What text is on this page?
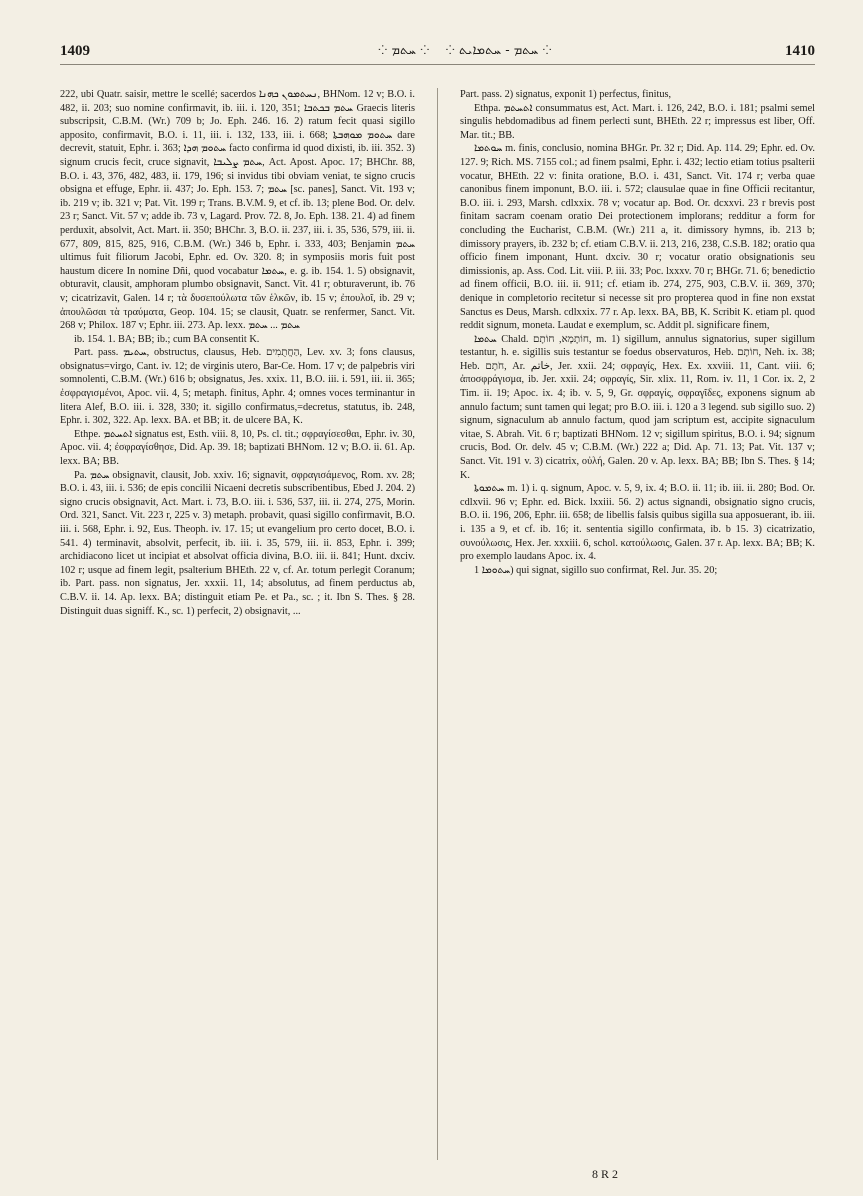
1409	⁘ ܚܬܡ ⁘ ⁘ ܚܬܡ - ܚܬܡܐܝܬ ⁘	1410

222, ubi Quatr. saisir, mettre le scellé; sacerdos ܢܚܬܡܘܢ ܟܗܢܐ, BHNom. 12 v; B.O. i. 482, ii. 203; suo nomine confirmavit, ib. iii. i. 120, 351; ܚܬܡ ܒܟܬܒܐ Graecis literis subscripsit, C.B.M. (Wr.) 709 b; Jo. Eph. 246. 16. 2) ratum fecit quasi sigillo apposito, confirmavit, B.O. i. 11, iii. i. 132, 133, iii. i. 668; ܚܬܘܡ ܡܘܗܒܬܐ dare decrevit, statuit, Ephr. i. 363; ܚܬܘܡ ܗܕܐ facto confirma id quod dixisti, ib. iii. 352. 3) signum crucis fecit, cruce signavit, ܚܬܡ ܨܠܝܒܐ, Act. Apost. Apoc. 17; BHChr. 88, B.O. i. 43, 376, 482, 483, ii. 179, 196; si invidus tibi obviam veniat, te signo crucis obsigna et effuge, Ephr. ii. 437; Jo. Eph. 153. 7; ܚܬܡ [sc. panes], Sanct. Vit. 193 v; ib. 219 v; ib. 321 v; Pat. Vit. 199 r; Trans. B.V.M. 9, et cf. ib. 13; plene Bod. Or. delv. 23 r; Sanct. Vit. 57 v; adde ib. 73 v, Lagard. Prov. 72. 8, Jo. Eph. 138. 21. 4) ad finem perduxit, absolvit, Act. Mart. ii. 350; BHChr. 3, B.O. ii. 237, iii. i. 35, 536, 579, iii. ii. 677, 809, 815, 825, 916, C.B.M. (Wr.) 346 b, Ephr. i. 333, 403; Benjamin ܚܬܡ ultimus fuit filiorum Jacobi, Ephr. ed. Ov. 320. 8; in symposiis moris fuit post haustum dicere In nomine Dñi, quod vocabatur ܚܬܡܐ, e. g. ib. 154. 1. 5) obsignavit, obturavit, clausit, amphoram plumbo obsignavit, Sanct. Vit. 41 r; obturaverunt, ib. 76 v; cicatrizavit, Galen. 14 r; τὰ δυσεπούλωτα τῶν ἑλκῶν, ib. 15 v; ἐπουλοῖ, ib. 29 v; ἀπουλῶσαι τὰ τραύματα, Geop. 104. 15; se clausit, Quatr. se renfermer, Sanct. Vit. 268 v; Philox. 187 v; Ephr. iii. 273. Ap. lexx. ܚܬܡ ... ܚܬܡ

ib. 154. 1. BA; BB; ib.; cum BA consentit K.

Part. pass. ܚܬܝܡ, obstructus, clausus, Heb. הַחֲתֻמִים, Lev. xv. 3; fons clausus, obsignatus=virgo, Cant. iv. 12; de virginis utero, Bar-Ce. Hom. 17 v; de palpebris viri somnolenti, C.B.M. (Wr.) 616 b; obsignatus, Jes. xxix. 11, B.O. iii. i. 591, iii. ii. 365; ἐσφραγισμένοι, Apoc. vii. 4, 5; metaph. finitus, Aphr. 4; omnes voces terminantur in litera Alef, B.O. iii. i. 328, 330; it. sigillo confirmatus,=decretus, statutus, ib. 248, Ephr. i. 302, 322. Ap. lexx. BA. et BB; it. de ulcere BA, K.

Ethpe. ܐܬܚܬܡ signatus est, Esth. viii. 8, 10, Ps. cl. tit.; σφραγίσεσθαι, Ephr. iv. 30, Apoc. vii. 4; ἐσφραγίσθησε, Did. Ap. 39. 18; baptizati BHNom. 12 v; B.O. ii. 61. Ap. lexx. BA; BB.

Pa. ܚܬܡ obsignavit, clausit, Job. xxiv. 16; signavit, σφραγισάμενος, Rom. xv. 28; B.O. i. 43, iii. i. 536; de epis concilii Nicaeni decretis subscribentibus, Ebed J. 204. 2) signo crucis obsignavit, Act. Mart. i. 73, B.O. iii. i. 536, 537, iii. ii. 274, 275, Morin. Ord. 321, Sanct. Vit. 223 r, 225 v. 3) metaph. probavit, quasi sigillo confirmavit, B.O. iii. i. 568, Ephr. i. 92, Eus. Theoph. iv. 17. 15; ut evangelium pro certo docet, B.O. i. 541. 4) terminavit, absolvit, perfecit, ib. iii. i. 35, 579, iii. ii. 853, Ephr. i. 399; archidiacono licet ut incipiat et absolvat officia divina, B.O. iii. ii. 841; Hunt. dxciv. 102 r; usque ad finem legit, psalterium BHEth. 22 v, cf. Ar. totum perlegit Coranum; ib. Part. pass. non signatus, Jer. xxxii. 11, 14; absolutus, ad finem perductus ab, C.B.V. ii. 14. Ap. lexx. BA; distinguit etiam Pe. et Pa., sc. ; it. Ibn S. Thes. § 28. Distinguit duas signiff. K., sc. 1) perfecit, 2) obsignavit, ...

Part. pass. 2) signatus, exponit 1) perfectus, finitus,

Ethpa. ܐܬܚܬܡ consummatus est, Act. Mart. i. 126, 242, B.O. i. 181; psalmi semel singulis hebdomadibus ad finem perlecti sunt, BHEth. 22 r; impressus est liber, Off. Mar. tit.; BB.

ܚܘܬܡܐ m. finis, conclusio, nomina BHGr. Pr. 32 r; Did. Ap. 114. 29; Ephr. ed. Ov. 127. 9; Rich. MS. 7155 col.; ad finem psalmi, Ephr. i. 432; lectio etiam totius psalterii vocatur, BHEth. 22 v: finita oratione, B.O. i. 431, Sanct. Vit. 174 r; verba quae canonibus finem imponunt, B.O. iii. i. 572; clausulae quae in fine Officii recitantur, B.O. iii. i. 293, Marsh. cdlxxix. 78 v; vocatur ap. Bod. Or. dcxxvi. 23 r brevis post finitam sacram coenam oratio Dei protectionem implorans; redditur a form for concluding the Eucharist, C.B.M. (Wr.) 211 a, it. dimissory hymns, ib. 213 b; dimissory prayers, ib. 232 b; cf. etiam C.B.V. ii. 213, 216, 238, C.S.B. 182; oratio qua officio finem imponant, Hunt. dxciv. 30 r; vocatur oratio obsignationis seu dimissionis, ap. Ass. Cod. Lit. viii. P. iii. 33; Poc. lxxxv. 70 r; BHGr. 71. 6; benedictio ad finem officii, B.O. iii. ii. 911; cf. etiam ib. 274, 275, 903, C.B.V. ii. 369, 370; denique in completorio recitetur si necesse sit pro propterea quod in fine non exstat Sanctus es Deus, Marsh. cdlxxix. 77 r. Ap. lexx. BA, BB, K. Scribit K. etiam pl. quod reddit signum, moneta. Laudat e exemplum, sc. Addit pl. significare finem,

ܚܬܡܐ Chald. חוֹתָמָא, חוֹתָם, m. 1) sigillum, annulus signatorius, super sigillum testantur, h. e. sigillis suis testantur se foedus observaturos, Heb. חוֹתָם, Neh. ix. 38; Heb. חֹתָם, Ar. خاتم, Jer. xxii. 24; σφραγίς, Hex. Ex. xxviii. 11, Cant. viii. 6; ἀποσφράγισμα, ib. Jer. xxii. 24; σφραγίς, Sir. xlix. 11, Rom. iv. 11, 1 Cor. ix. 2, 2 Tim. ii. 19; Apoc. ix. 4; ib. v. 5, 9, Gr. σφραγίς, σφραγῖδες, exponens signum ab annulo factum; sunt tamen qui legat; pro B.O. iii. i. 120 a 3 legend. sub sigillo suo. 2) signum, signaculum ab annulo factum, quod jam scriptum est, accipite signaculum vitae, S. Abrah. Vit. 6 r; baptizati BHNom. 12 v; sigillum spiritus, B.O. i. 94; signum crucis, Bod. Or. delv. 45 v; C.B.M. (Wr.) 222 a; Did. Ap. 71. 13; Pat. Vit. 137 v; Sanct. Vit. 191 v. 3) cicatrix, οὐλή, Galen. 20 v. Ap. lexx. BA; BB; Ibn S. Thes. § 14; K.

ܚܬܡܘܬܐ m. 1) i. q. signum, Apoc. v. 5, 9, ix. 4; B.O. ii. 11; ib. iii. ii. 280; Bod. Or. cdlxvii. 96 v; Ephr. ed. Bick. lxxiii. 56. 2) actus signandi, obsignatio signo crucis, B.O. ii. 196, 206, Ephr. iii. 658; de libellis falsis quibus sigilla sua apposuerant, ib. iii. i. 135 a 9, et cf. ib. 16; it. sententia sigillo confirmata, ib. b 15. 3) cicatrizatio, συνούλωσις, Hex. Jer. xxxiii. 6, schol. κατούλωσις, Galen. 37 r. Ap. lexx. BA; BB; K. pro exemplo laudans Apoc. ix. 4.

ܚܬܘܡܐ 1) qui signat, sigillo suo confirmat, Rel. Jur. 35. 20;

8 R 2
